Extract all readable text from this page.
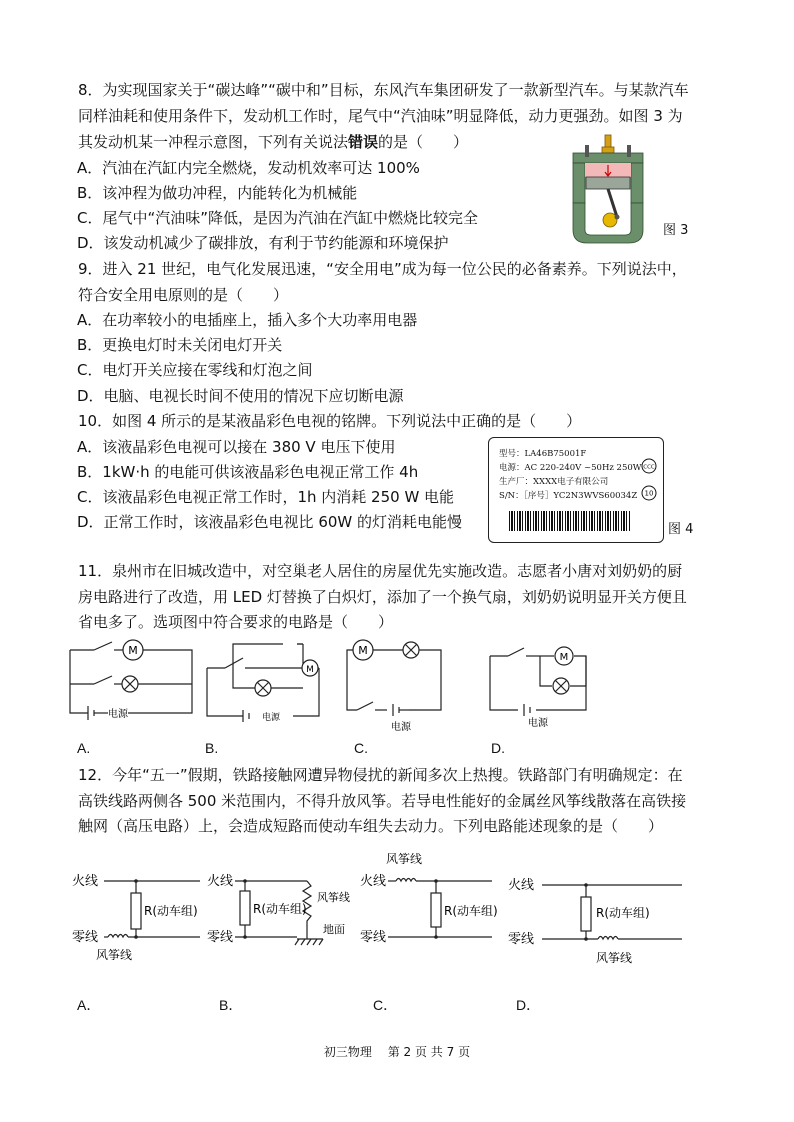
8．为实现国家关于“碳达峰”“碳中和”目标，东风汽车集团研发了一款新型汽车。与某款汽车
同样油耗和使用条件下，发动机工作时，尾气中“汽油味”明显降低，动力更强劲。如图 3 为
其发动机某一冲程示意图，下列有关说法错误的是（　　）
A．汽油在汽缸内完全燃烧，发动机效率可达 100%
B．该冲程为做功冲程，内能转化为机械能
C．尾气中“汽油味”降低，是因为汽油在汽缸中燃烧比较完全
D．该发动机减少了碳排放，有利于节约能源和环境保护
图 3
9．进入 21 世纪，电气化发展迅速，“安全用电”成为每一位公民的必备素养。下列说法中，
符合安全用电原则的是（　　）
A．在功率较小的电插座上，插入多个大功率用电器
B．更换电灯时未关闭电灯开关
C．电灯开关应接在零线和灯泡之间
D．电脑、电视长时间不使用的情况下应切断电源
10．如图 4 所示的是某液晶彩色电视的铭牌。下列说法中正确的是（　　）
A．该液晶彩色电视可以接在 380 V 电压下使用
B．1kW·h 的电能可供该液晶彩色电视正常工作 4h
C．该液晶彩色电视正常工作时，1h 内消耗 250 W 电能
D．正常工作时，该液晶彩色电视比 60W 的灯消耗电能慢
型号：LA46B75001F
电源：AC 220-240V ~50Hz 250W
生产厂：XXXX电子有限公司
S/N：［序号］YC2N3WVS60034Z
CCC
10
图 4
11．泉州市在旧城改造中，对空巢老人居住的房屋优先实施改造。志愿者小唐对刘奶奶的厨
房电路进行了改造，用 LED 灯替换了白炽灯，添加了一个换气扇，刘奶奶说明显开关方便且
省电多了。选项图中符合要求的电路是（　　）
M
电源
A.
M
电源
B.
M
电源
C.
M
电源
D.
12．今年“五一”假期，铁路接触网遭异物侵扰的新闻多次上热搜。铁路部门有明确规定：在
高铁线路两侧各 500 米范围内，不得升放风筝。若导电性能好的金属丝风筝线散落在高铁接
触网（高压电路）上，会造成短路而使动车组失去动力。下列电路能述现象的是（　　）
火线
零线
R(动车组)
风筝线
A．
火线
零线
R(动车组)
风筝线
地面
B．
风筝线
火线
零线
R(动车组)
C．
火线
零线
R(动车组)
风筝线
D．
初三物理　 第 2 页 共 7 页
